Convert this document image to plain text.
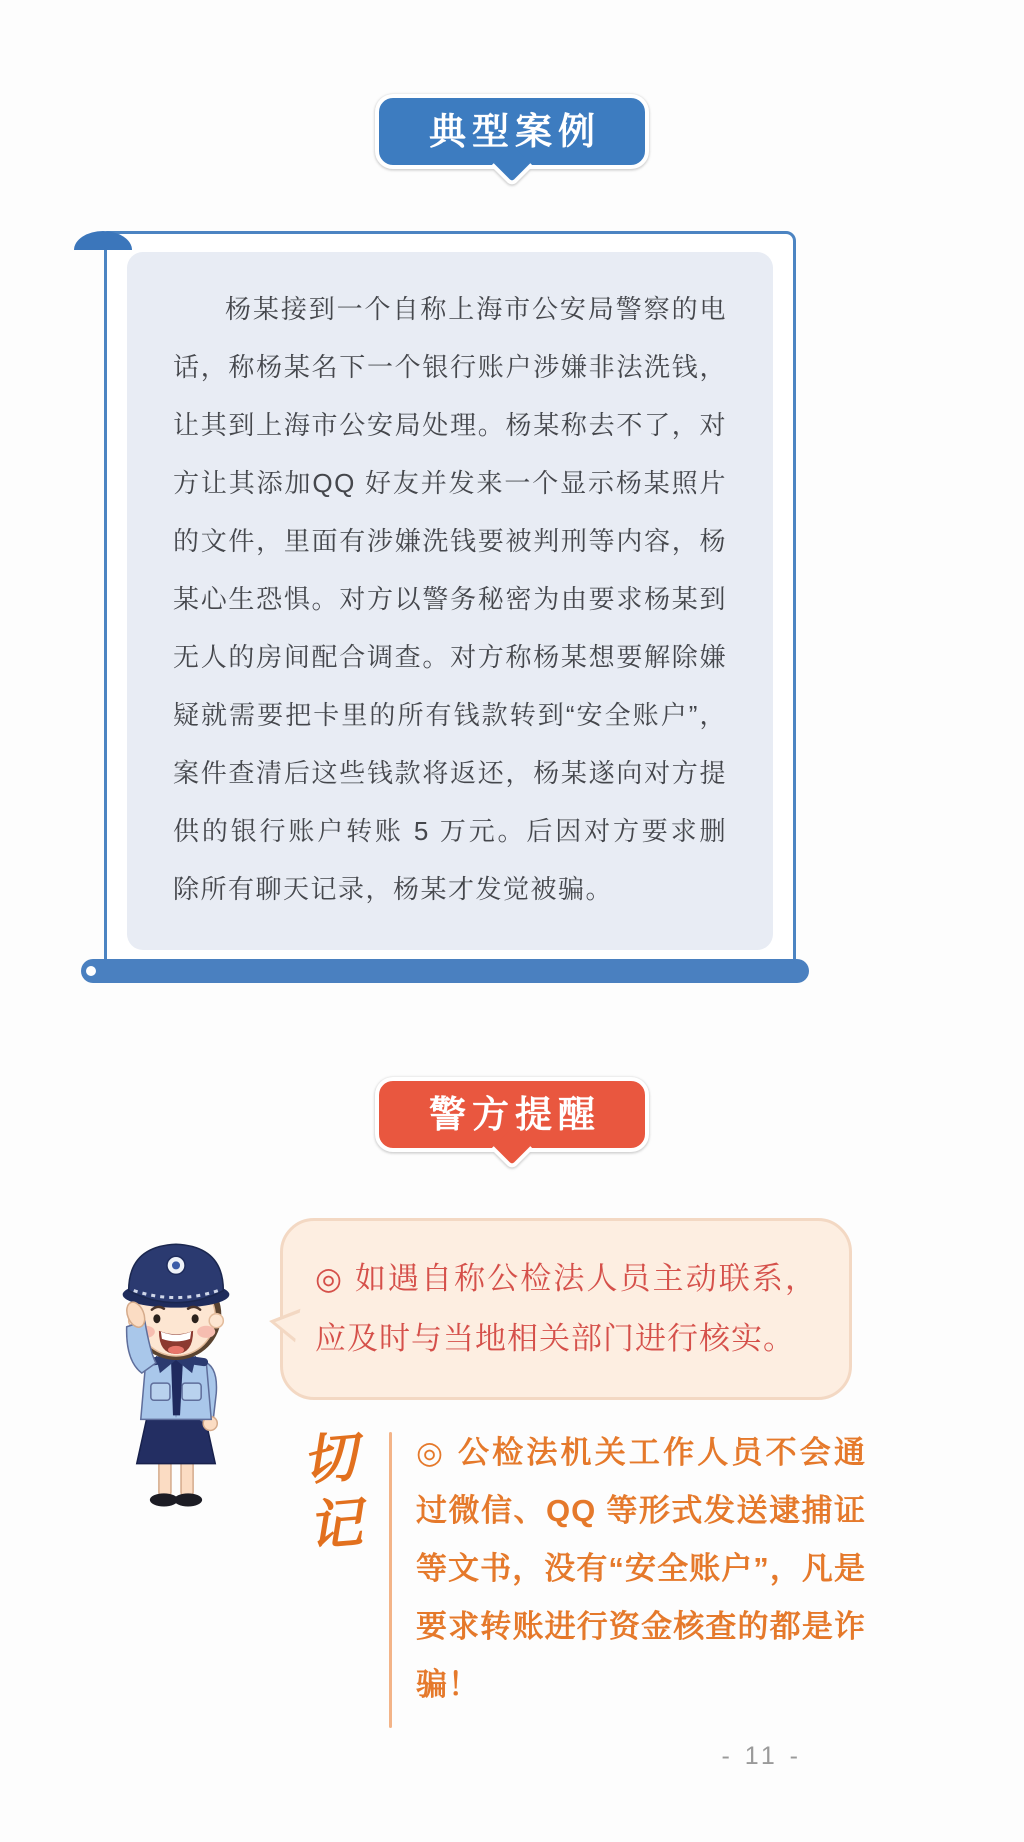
典型案例

杨某接到一个自称上海市公安局警察的电话，称杨某名下一个银行账户涉嫌非法洗钱，让其到上海市公安局处理。杨某称去不了，对方让其添加QQ 好友并发来一个显示杨某照片的文件，里面有涉嫌洗钱要被判刑等内容，杨某心生恐惧。对方以警务秘密为由要求杨某到无人的房间配合调查。对方称杨某想要解除嫌疑就需要把卡里的所有钱款转到“安全账户”，案件查清后这些钱款将返还，杨某遂向对方提供的银行账户转账 5 万元。后因对方要求删除所有聊天记录，杨某才发觉被骗。

警方提醒

◎ 如遇自称公检法人员主动联系，应及时与当地相关部门进行核实。

切记 ◎ 公检法机关工作人员不会通过微信、QQ 等形式发送逮捕证等文书，没有“安全账户”，凡是要求转账进行资金核查的都是诈骗！

- 11 -
